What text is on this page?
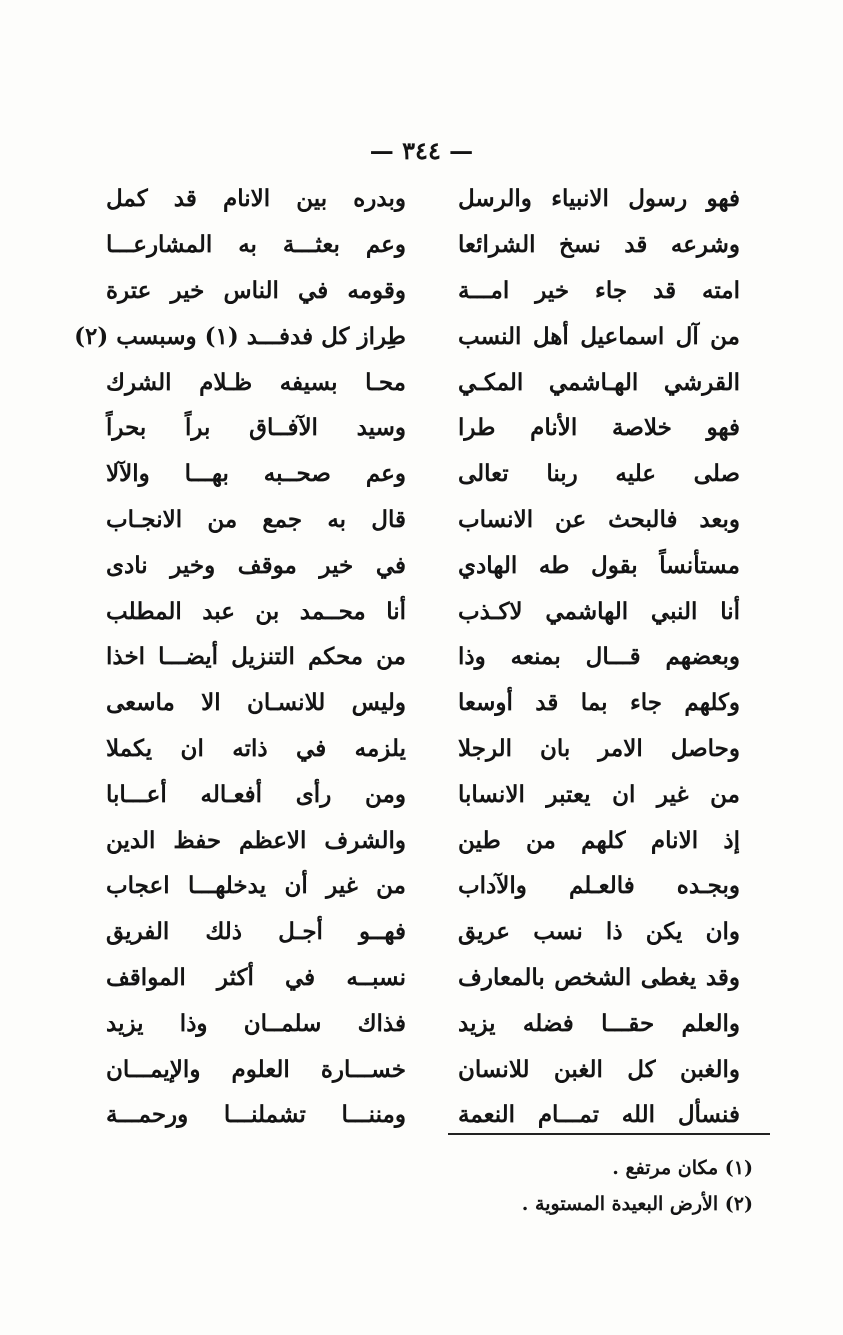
— ٣٤٤ —
فهو رسول الانبياء والرسل
وبدره بين الانام قد كمل
وشرعه قد نسخ الشرائعا
وعم بعثـــة به المشارعـــا
امته قد جاء خير امـــة
وقومه في الناس خير عترة
من آل اسماعيل أهل النسب
طِراز كل فدفـــد (١) وسبسب (٢)
القرشي الهـاشمي المكـي
محـا بسيفه ظـلام الشرك
فهو خلاصة الأنام طرا
وسيد الآفــاق براً بحراً
صلى عليه ربنا تعالى
وعم صحــبه بهـــا والآلا
وبعد فالبحث عن الانساب
قال به جمع من الانجـاب
مستأنساً بقول طه الهادي
في خير موقف وخير نادى
أنا النبي الهاشمي لاكـذب
أنا محــمد بن عبد المطلب
وبعضهم قـــال بمنعه وذا
من محكم التنزيل أيضـــا اخذا
وكلهم جاء بما قد أوسعا
وليس للانسـان الا ماسعى
وحاصل الامر بان الرجلا
يلزمه في ذاته ان يكملا
من غير ان يعتبر الانسابا
ومن رأى أفعـاله أعـــابا
إذ الانام كلهم من طين
والشرف الاعظم حفظ الدين
وبجـده فالعـلم والآداب
من غير أن يدخلهـــا اعجاب
وان يكن ذا نسب عريق
فهــو أجـل ذلك الفريق
وقد يغطى الشخص بالمعارف
نسبــه في أكثر المواقف
والعلم حقـــا فضله يزيد
فذاك سلمــان وذا يزيد
والغبن كل الغبن للانسان
خســـارة العلوم والإيمـــان
فنسأل الله تمـــام النعمة
ومننـــا تشملنـــا ورحمـــة
(١) مكان مرتفع .
(٢) الأرض البعيدة المستوية .
